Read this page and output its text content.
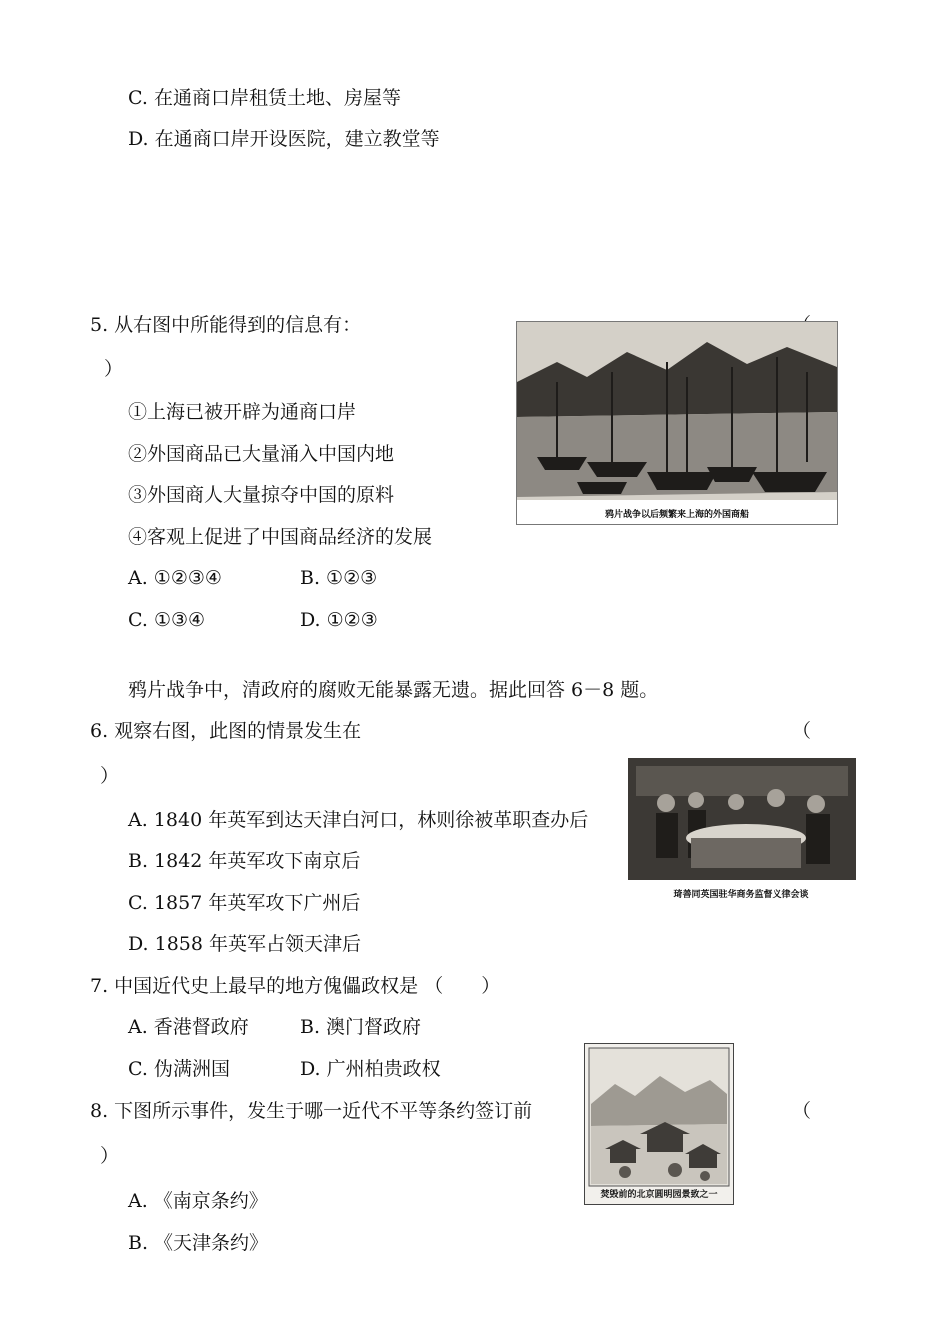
C. 在通商口岸租赁土地、房屋等
D. 在通商口岸开设医院，建立教堂等
5. 从右图中所能得到的信息有：
）
①上海已被开辟为通商口岸
②外国商品已大量涌入中国内地
③外国商人大量掠夺中国的原料
④客观上促进了中国商品经济的发展
A. ①②③④	B. ①②③
C. ①③④	D. ①②③
鸦片战争以后频繁来上海的外国商船
鸦片战争中，清政府的腐败无能暴露无遗。据此回答 6－8 题。
6. 观察右图，此图的情景发生在	（
）
A. 1840 年英军到达天津白河口，林则徐被革职查办后
B. 1842 年英军攻下南京后
C. 1857 年英军攻下广州后
D. 1858 年英军占领天津后
琦善同英国驻华商务监督义律会谈
7. 中国近代史上最早的地方傀儡政权是 （　　）
A. 香港督政府	B. 澳门督政府
C. 伪满洲国	D. 广州柏贵政权
8. 下图所示事件，发生于哪一近代不平等条约签订前	（
）
A. 《南京条约》
B. 《天津条约》
焚毁前的北京圆明园景致之一
